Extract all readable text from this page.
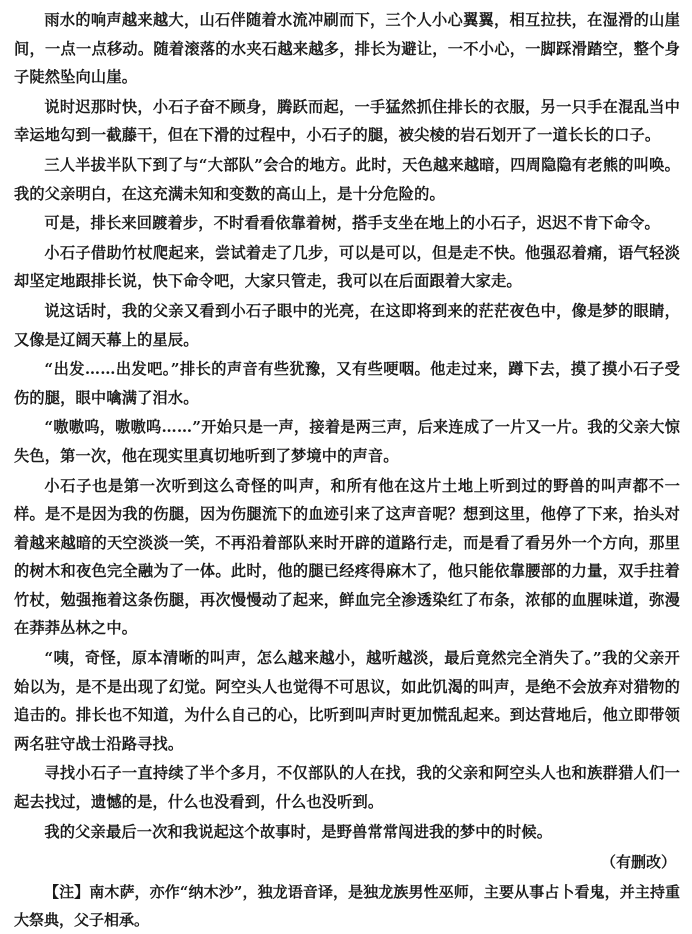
雨水的响声越来越大，山石伴随着水流冲刷而下，三个人小心翼翼，相互拉扶，在湿滑的山崖间，一点一点移动。随着滚落的水夹石越来越多，排长为避让，一不小心，一脚踩滑踏空，整个身子陡然坠向山崖。

说时迟那时快，小石子奋不顾身，腾跃而起，一手猛然抓住排长的衣服，另一只手在混乱当中幸运地勾到一截藤干，但在下滑的过程中，小石子的腿，被尖棱的岩石划开了一道长长的口子。

三人半拔半队下到了与“大部队”会合的地方。此时，天色越来越暗，四周隐隐有老熊的叫唤。我的父亲明白，在这充满未知和变数的高山上，是十分危险的。

可是，排长来回踱着步，不时看看依靠着树，搭手支坐在地上的小石子，迟迟不肯下命令。

小石子借助竹杖爬起来，尝试着走了几步，可以是可以，但是走不快。他强忍着痛，语气轻淡却坚定地跟排长说，快下命令吧，大家只管走，我可以在后面跟着大家走。

说这话时，我的父亲又看到小石子眼中的光亮，在这即将到来的茫茫夜色中，像是梦的眼睛，又像是辽阔天幕上的星辰。

“出发……出发吧。”排长的声音有些犹豫，又有些哽咽。他走过来，蹲下去，摸了摸小石子受伤的腿，眼中噙满了泪水。

“嗷嗷呜，嗷嗷呜……”开始只是一声，接着是两三声，后来连成了一片又一片。我的父亲大惊失色，第一次，他在现实里真切地听到了梦境中的声音。

小石子也是第一次听到这么奇怪的叫声，和所有他在这片土地上听到过的野兽的叫声都不一样。是不是因为我的伤腿，因为伤腿流下的血迹引来了这声音呢？想到这里，他停了下来，抬头对着越来越暗的天空淡淡一笑，不再沿着部队来时开辟的道路行走，而是看了看另外一个方向，那里的树木和夜色完全融为了一体。此时，他的腿已经疼得麻木了，他只能依靠腰部的力量，双手拄着竹杖，勉强拖着这条伤腿，再次慢慢动了起来，鲜血完全渗透染红了布条，浓郁的血腥味道，弥漫在莽莽丛林之中。

“咦，奇怪，原本清晰的叫声，怎么越来越小，越听越淡，最后竟然完全消失了。”我的父亲开始以为，是不是出现了幻觉。阿空头人也觉得不可思议，如此饥渴的叫声，是绝不会放弃对猎物的追击的。排长也不知道，为什么自己的心，比听到叫声时更加慌乱起来。到达营地后，他立即带领两名驻守战士沿路寻找。

寻找小石子一直持续了半个多月，不仅部队的人在找，我的父亲和阿空头人也和族群猎人们一起去找过，遗憾的是，什么也没看到，什么也没听到。

我的父亲最后一次和我说起这个故事时，是野兽常常闯进我的梦中的时候。

（有删改）

【注】南木萨，亦作“纳木沙”，独龙语音译，是独龙族男性巫师，主要从事占卜看鬼，并主持重大祭典，父子相承。
